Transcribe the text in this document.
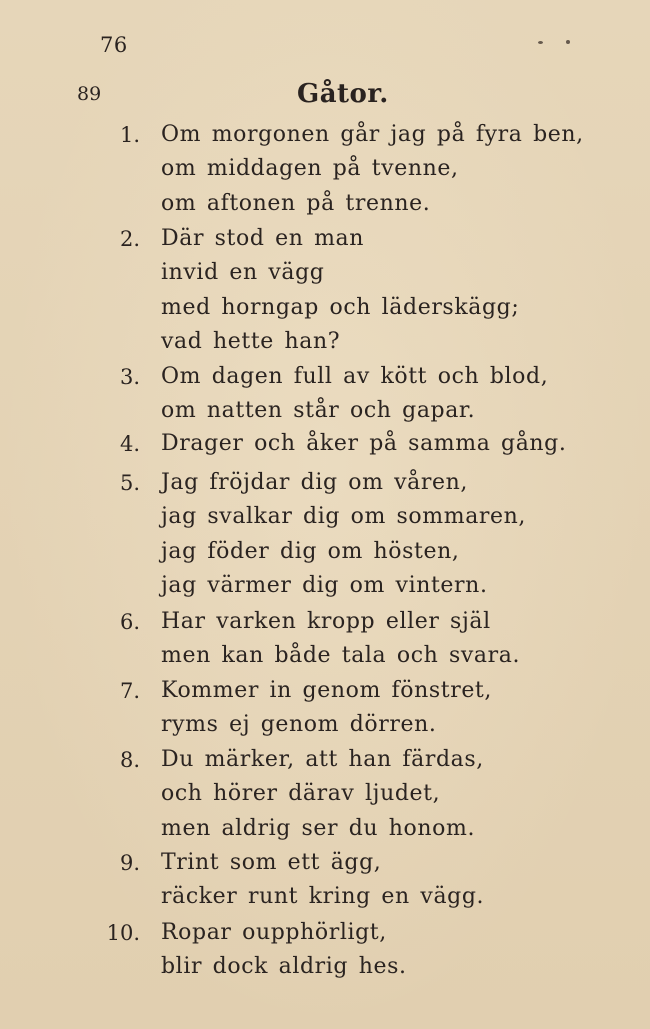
76
89	Gåtor.
1. Om morgonen går jag på fyra ben,
om middagen på tvenne,
om aftonen på trenne.
2. Där stod en man
invid en vägg
med horngap och läderskägg;
vad hette han?
3. Om dagen full av kött och blod,
om natten står och gapar.
4. Drager och åker på samma gång.
5. Jag fröjdar dig om våren,
jag svalkar dig om sommaren,
jag föder dig om hösten,
jag värmer dig om vintern.
6. Har varken kropp eller själ
men kan både tala och svara.
7. Kommer in genom fönstret,
ryms ej genom dörren.
8. Du märker, att han färdas,
och hörer därav ljudet,
men aldrig ser du honom.
9. Trint som ett ägg,
räcker runt kring en vägg.
10. Ropar oupphörligt,
blir dock aldrig hes.
